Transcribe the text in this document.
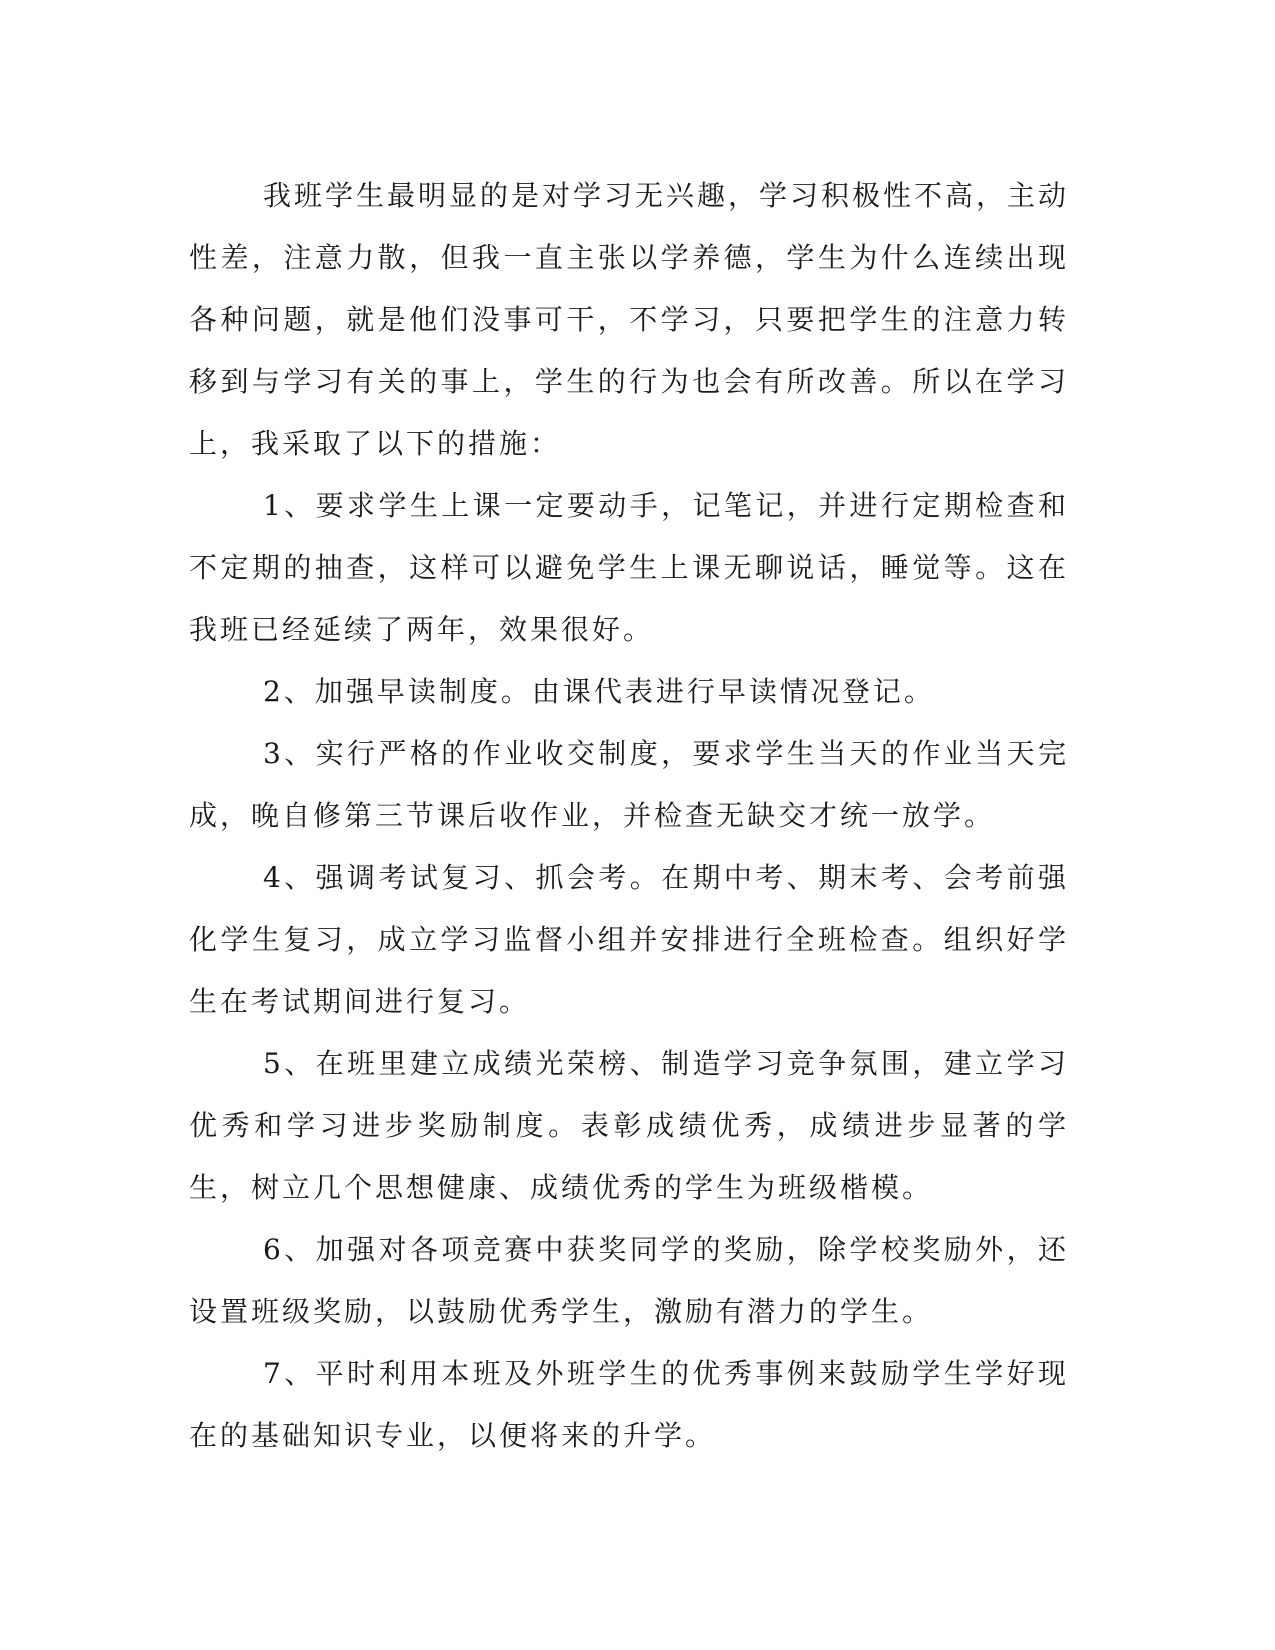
我班学生最明显的是对学习无兴趣，学习积极性不高，主动性差，注意力散，但我一直主张以学养德，学生为什么连续出现各种问题，就是他们没事可干，不学习，只要把学生的注意力转移到与学习有关的事上，学生的行为也会有所改善。所以在学习上，我采取了以下的措施：

1、要求学生上课一定要动手，记笔记，并进行定期检查和不定期的抽查，这样可以避免学生上课无聊说话，睡觉等。这在我班已经延续了两年，效果很好。

2、加强早读制度。由课代表进行早读情况登记。

3、实行严格的作业收交制度，要求学生当天的作业当天完成，晚自修第三节课后收作业，并检查无缺交才统一放学。

4、强调考试复习、抓会考。在期中考、期末考、会考前强化学生复习，成立学习监督小组并安排进行全班检查。组织好学生在考试期间进行复习。

5、在班里建立成绩光荣榜、制造学习竞争氛围，建立学习优秀和学习进步奖励制度。表彰成绩优秀，成绩进步显著的学生，树立几个思想健康、成绩优秀的学生为班级楷模。

6、加强对各项竞赛中获奖同学的奖励，除学校奖励外，还设置班级奖励，以鼓励优秀学生，激励有潜力的学生。

7、平时利用本班及外班学生的优秀事例来鼓励学生学好现在的基础知识专业，以便将来的升学。
